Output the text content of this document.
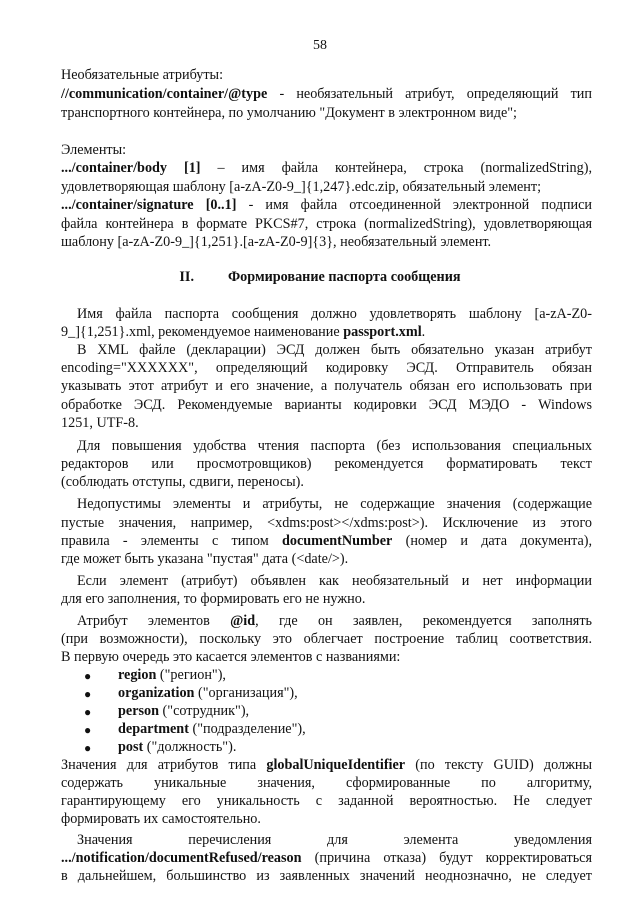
58
Необязательные атрибуты:
//communication/container/@type - необязательный атрибут, определяющий тип
транспортного контейнера, по умолчанию "Документ в электронном виде";
Элементы:
.../container/body [1] – имя файла контейнера, строка (normalizedString),
удовлетворяющая шаблону [a-zA-Z0-9_]{1,247}.edc.zip, обязательный элемент;
.../container/signature [0..1] - имя файла отсоединенной электронной подписи
файла контейнера в формате PKCS#7, строка (normalizedString), удовлетворяющая
шаблону [a-zA-Z0-9_]{1,251}.[a-zA-Z0-9]{3}, необязательный элемент.
II. Формирование паспорта сообщения
Имя файла паспорта сообщения должно удовлетворять шаблону [a-zA-Z0-
9_]{1,251}.xml, рекомендуемое наименование passport.xml.
В XML файле (декларации) ЭСД должен быть обязательно указан атрибут
encoding="XXXXXX", определяющий кодировку ЭСД. Отправитель обязан
указывать этот атрибут и его значение, а получатель обязан его использовать при
обработке ЭСД. Рекомендуемые варианты кодировки ЭСД МЭДО - Windows
1251, UTF-8.
Для повышения удобства чтения паспорта (без использования специальных
редакторов или просмотровщиков) рекомендуется форматировать текст
(соблюдать отступы, сдвиги, переносы).
Недопустимы элементы и атрибуты, не содержащие значения (содержащие
пустые значения, например, <xdms:post></xdms:post>). Исключение из этого
правила - элементы с типом documentNumber (номер и дата документа),
где может быть указана "пустая" дата (<date/>).
Если элемент (атрибут) объявлен как необязательный и нет информации
для его заполнения, то формировать его не нужно.
Атрибут элементов @id, где он заявлен, рекомендуется заполнять
(при возможности), поскольку это облегчает построение таблиц соответствия.
В первую очередь это касается элементов с названиями:
● region ("регион"),
● organization ("организация"),
● person ("сотрудник"),
● department ("подразделение"),
● post ("должность").
Значения для атрибутов типа globalUniqueIdentifier (по тексту GUID) должны
содержать уникальные значения, сформированные по алгоритму,
гарантирующему его уникальность с заданной вероятностью. Не следует
формировать их самостоятельно.
Значения перечисления для элемента уведомления
.../notification/documentRefused/reason (причина отказа) будут корректироваться
в дальнейшем, большинство из заявленных значений неоднозначно, не следует
